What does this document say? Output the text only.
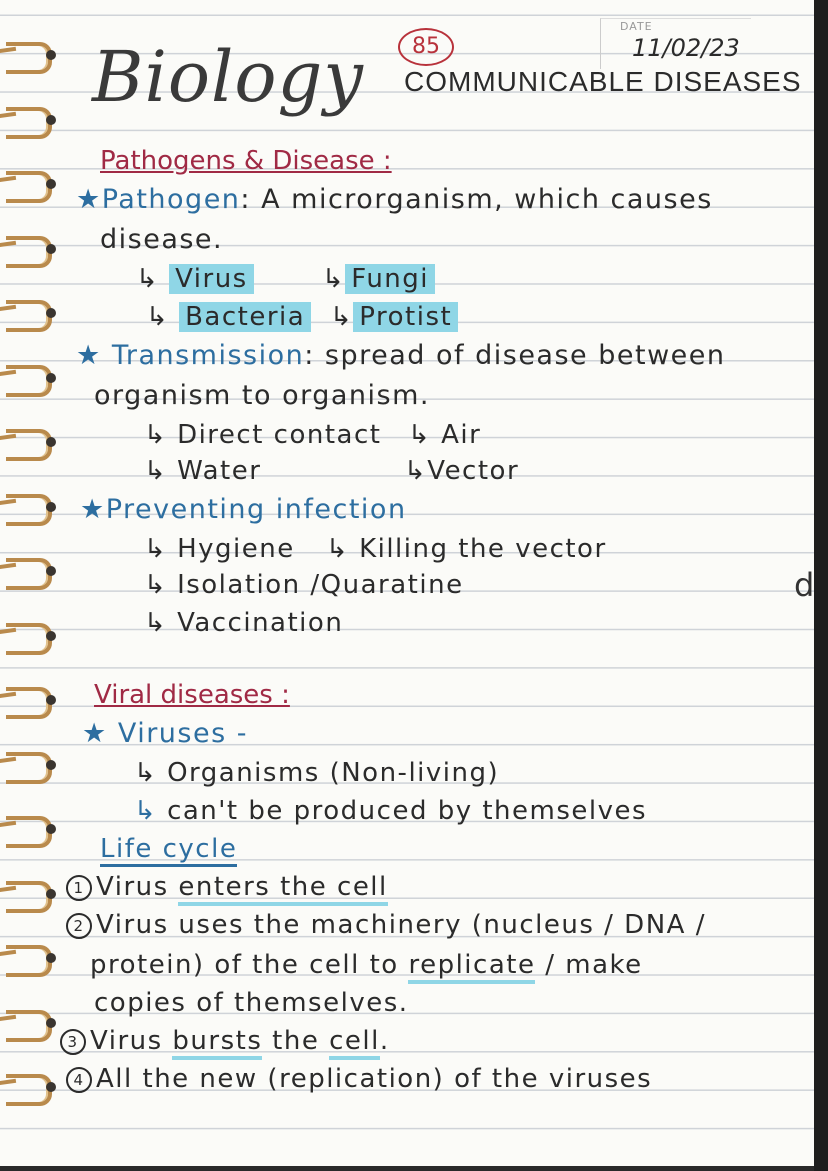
Biology	85
COMMUNICABLE DISEASES
DATE
11/02/23
Pathogens & Disease :
★Pathogen: A microrganism, which causes
disease.
↳ Virus	↳ Fungi
↳ Bacteria ↳ Protist
★ Transmission: spread of disease between
organism to organism.
↳ Direct contact ↳ Air
↳ Water	↳Vector
★Preventing infection
↳ Hygiene ↳ Killing the vector
↳ Isolation /Quaratine
↳ Vaccination
Viral diseases :
★ Viruses -
↳ Organisms (Non-living)
↳ can't be produced by themselves
Life cycle
1 Virus enters the cell
2 Virus uses the machinery (nucleus / DNA /
protein) of the cell to replicate / make
copies of themselves.
3 Virus bursts the cell.
4 All the new (replication) of the viruses
d
